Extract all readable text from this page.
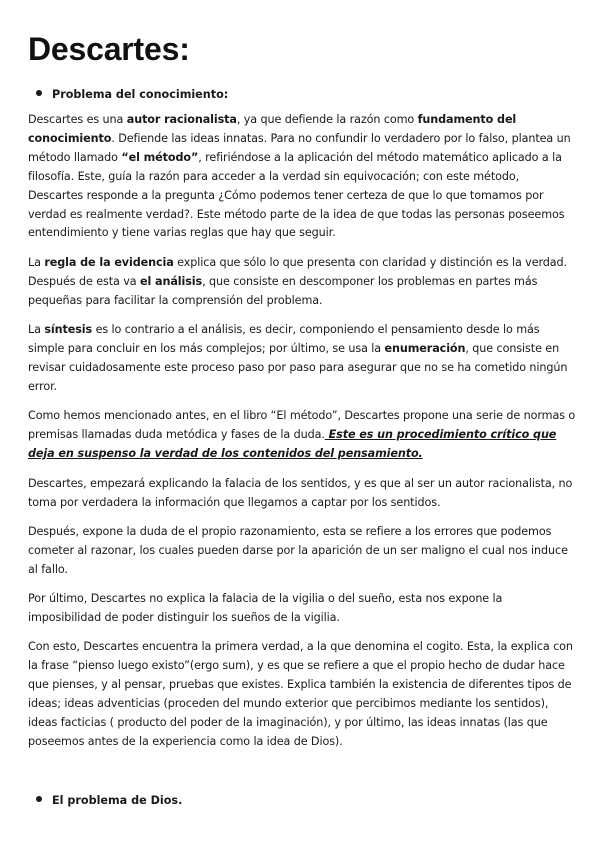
Descartes:
Problema del conocimiento:
Descartes es una autor racionalista, ya que defiende la razón como fundamento del conocimiento. Defiende las ideas innatas. Para no confundir lo verdadero por lo falso, plantea un método llamado “el método”, refiriéndose a la aplicación del método matemático aplicado a la filosofía. Este, guía la razón para acceder a la verdad sin equivocación; con este método, Descartes responde a la pregunta ¿Cómo podemos tener certeza de que lo que tomamos por verdad es realmente verdad?. Este método parte de la idea de que todas las personas poseemos entendimiento y tiene varias reglas que hay que seguir.
La regla de la evidencia explica que sólo lo que presenta con claridad y distinción es la verdad. Después de esta va el análisis, que consiste en descomponer los problemas en partes más pequeñas para facilitar la comprensión del problema.
La síntesis es lo contrario a el análisis, es decir, componiendo el pensamiento desde lo más simple para concluir en los más complejos; por último, se usa la enumeración, que consiste en revisar cuidadosamente este proceso paso por paso para asegurar que no se ha cometido ningún error.
Como hemos mencionado antes, en el libro “El método”, Descartes propone una serie de normas o premisas llamadas duda metódica y fases de la duda. Este es un procedimiento crítico que deja en suspenso la verdad de los contenidos del pensamiento.
Descartes, empezará explicando la falacia de los sentidos, y es que al ser un autor racionalista, no toma por verdadera la información que llegamos a captar por los sentidos.
Después, expone la duda de el propio razonamiento, esta se refiere a los errores que podemos cometer al razonar, los cuales pueden darse por la aparición de un ser maligno el cual nos induce al fallo.
Por último, Descartes no explica la falacia de la vigilia o del sueño, esta nos expone la imposibilidad de poder distinguir los sueños de la vigilia.
Con esto, Descartes encuentra la primera verdad, a la que denomina el cogito. Esta, la explica con la frase “pienso luego existo”(ergo sum), y es que se refiere a que el propio hecho de dudar hace que pienses, y al pensar, pruebas que existes. Explica también la existencia de diferentes tipos de ideas; ideas adventicias (proceden del mundo exterior que percibimos mediante los sentidos), ideas facticias ( producto del poder de la imaginación), y por último, las ideas innatas (las que poseemos antes de la experiencia como la idea de Dios).
El problema de Dios.
